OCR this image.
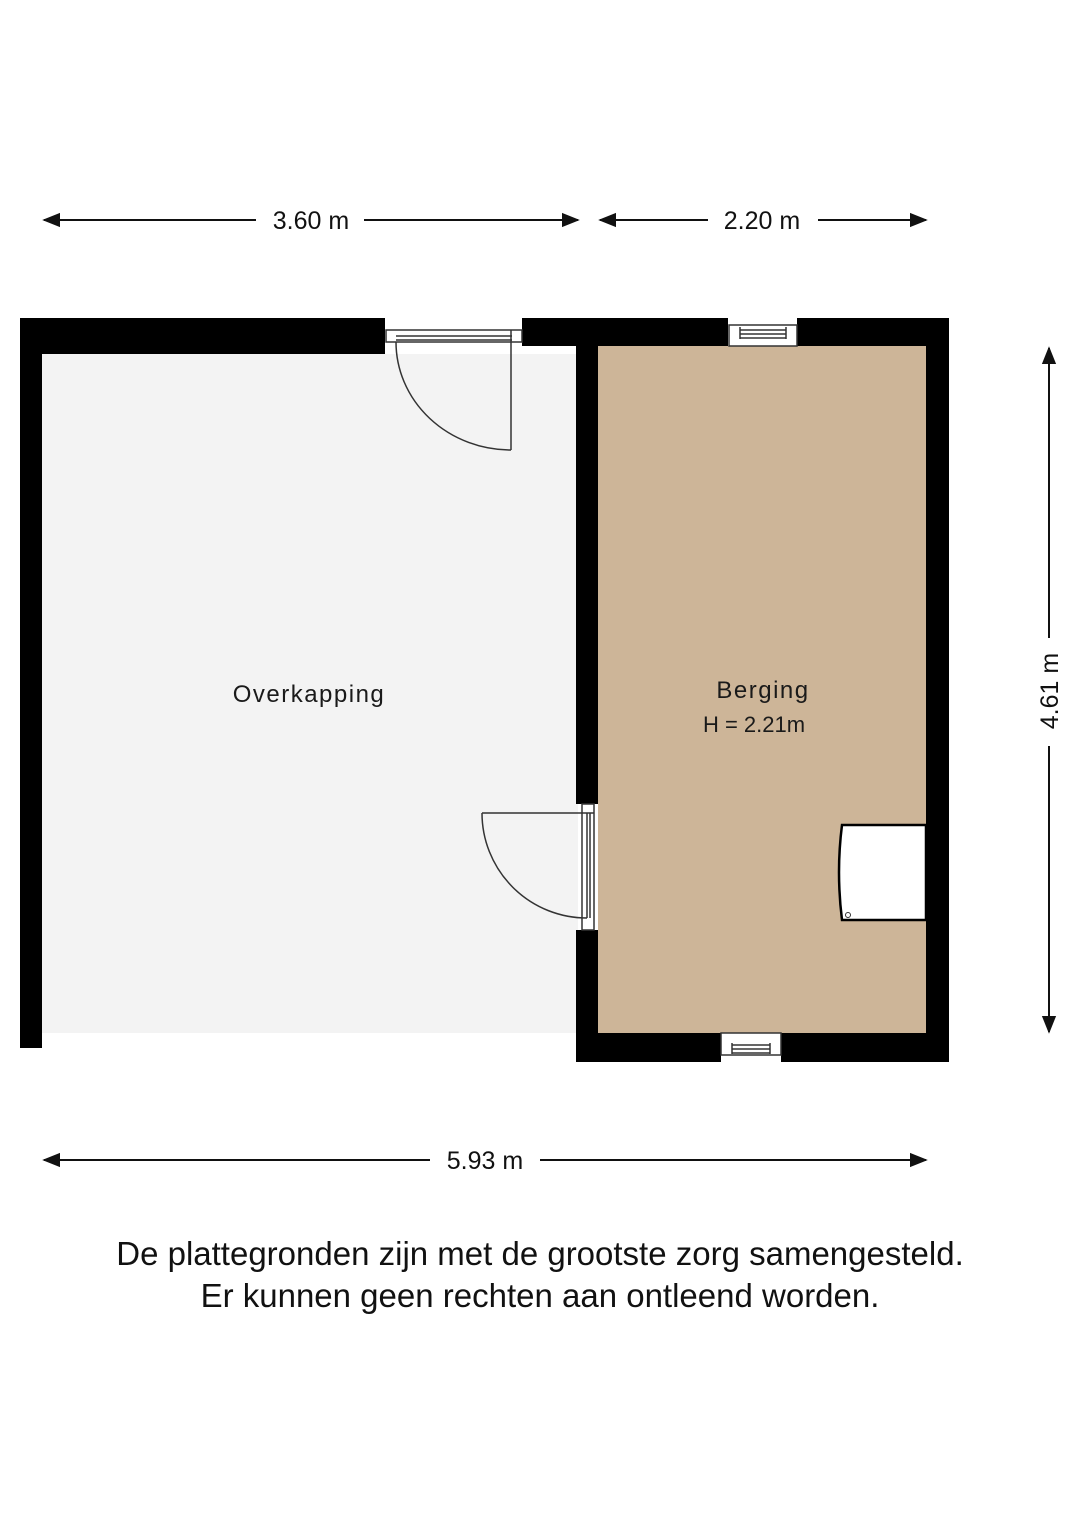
3.60 m	2.20 m
4.61 m
5.93 m
Overkapping	Berging
H = 2.21m
De plattegronden zijn met de grootste zorg samengesteld.
Er kunnen geen rechten aan ontleend worden.
